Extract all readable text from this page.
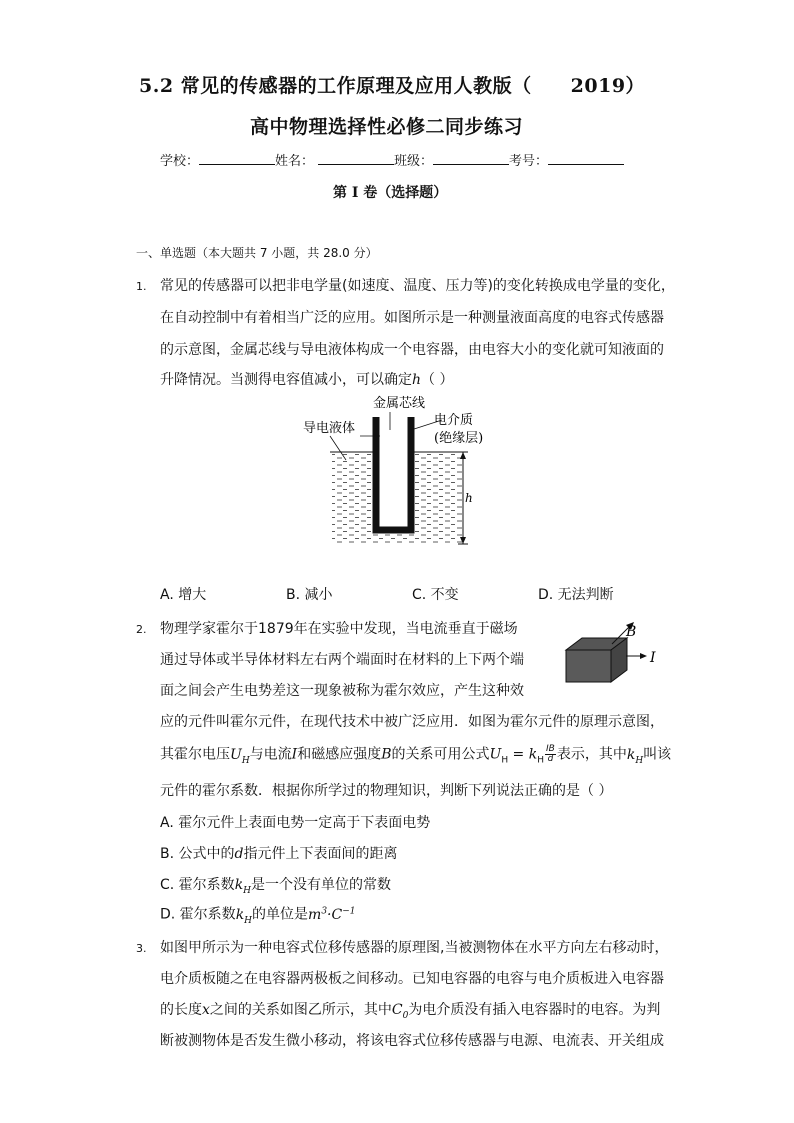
5.2 常见的传感器的工作原理及应用人教版（　　2019）
高中物理选择性必修二同步练习
学校：	姓名：	班级：	考号：
第 I 卷（选择题）
一、单选题（本大题共 7 小题，共 28.0 分）
1. 常见的传感器可以把非电学量(如速度、温度、压力等)的变化转换成电学量的变化，
在自动控制中有着相当广泛的应用。如图所示是一种测量液面高度的电容式传感器
的示意图，金属芯线与导电液体构成一个电容器，由电容大小的变化就可知液面的
升降情况。当测得电容值减小，可以确定h（ ）
金属芯线
导电液体
电介质
(绝缘层)
h
A. 增大	B. 减小	C. 不变	D. 无法判断
2. 物理学家霍尔于1879年在实验中发现，当电流垂直于磁场
通过导体或半导体材料左右两个端面时在材料的上下两个端
面之间会产生电势差这一现象被称为霍尔效应，产生这种效
B
I
应的元件叫霍尔元件，在现代技术中被广泛应用．如图为霍尔元件的原理示意图，
其霍尔电压$U_H$与电流I和磁感应强度B的关系可用公式$U_H = k_H \frac{IB}{d}$ 表示，其中$k_H$叫该
元件的霍尔系数．根据你所学过的物理知识，判断下列说法正确的是（ ）
A. 霍尔元件上表面电势一定高于下表面电势
B. 公式中的d指元件上下表面间的距离
C. 霍尔系数$k_H$是一个没有单位的常数
D. 霍尔系数$k_H$的单位是$m^3\cdot C^{-1}$
3. 如图甲所示为一种电容式位移传感器的原理图,当被测物体在水平方向左右移动时，
电介质板随之在电容器两极板之间移动。已知电容器的电容与电介质板进入电容器
的长度x之间的关系如图乙所示，其中$C_0$为电介质没有插入电容器时的电容。为判
断被测物体是否发生微小移动，将该电容式位移传感器与电源、电流表、开关组成
